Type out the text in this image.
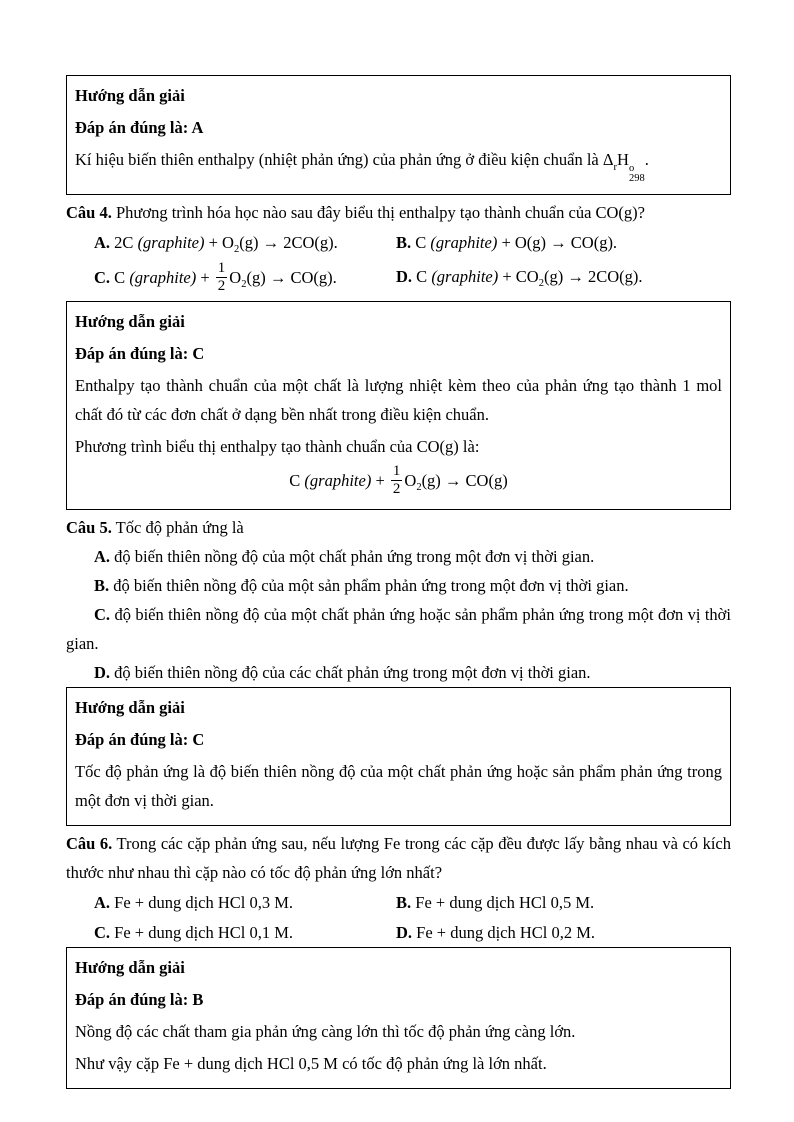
Hướng dẫn giải

Đáp án đúng là: A

Kí hiệu biến thiên enthalpy (nhiệt phản ứng) của phản ứng ở điều kiện chuẩn là $\Delta_rH$ o
298
.

Câu 4. Phương trình hóa học nào sau đây biểu thị enthalpy tạo thành chuẩn của CO(g)?

A. 2C (graphite) + $O_2(g) \to 2CO(g)$.	B. C (graphite) + O(g) → CO(g).
C. C (graphite) + $\frac{1}{2} O_2(g) \to CO(g)$.	D. C (graphite) + $CO_2(g) \to 2CO(g)$.

Hướng dẫn giải

Đáp án đúng là: C

Enthalpy tạo thành chuẩn của một chất là lượng nhiệt kèm theo của phản ứng tạo thành 1 mol chất đó từ các đơn chất ở dạng bền nhất trong điều kiện chuẩn.

Phương trình biểu thị enthalpy tạo thành chuẩn của CO(g) là:

C (graphite) + $\frac{1}{2} O_2(g) \to CO(g)$

Câu 5. Tốc độ phản ứng là

A. độ biến thiên nồng độ của một chất phản ứng trong một đơn vị thời gian.

B. độ biến thiên nồng độ của một sản phẩm phản ứng trong một đơn vị thời gian.

C. độ biến thiên nồng độ của một chất phản ứng hoặc sản phẩm phản ứng trong một đơn vị thời gian.

D. độ biến thiên nồng độ của các chất phản ứng trong một đơn vị thời gian.

Hướng dẫn giải

Đáp án đúng là: C

Tốc độ phản ứng là độ biến thiên nồng độ của một chất phản ứng hoặc sản phẩm phản ứng trong một đơn vị thời gian.

Câu 6. Trong các cặp phản ứng sau, nếu lượng Fe trong các cặp đều được lấy bằng nhau và có kích thước như nhau thì cặp nào có tốc độ phản ứng lớn nhất?

A. Fe + dung dịch HCl 0,3 M.	B. Fe + dung dịch HCl 0,5 M.
C. Fe + dung dịch HCl 0,1 M.	D. Fe + dung dịch HCl 0,2 M.

Hướng dẫn giải

Đáp án đúng là: B

Nồng độ các chất tham gia phản ứng càng lớn thì tốc độ phản ứng càng lớn.

Như vậy cặp Fe + dung dịch HCl 0,5 M có tốc độ phản ứng là lớn nhất.
